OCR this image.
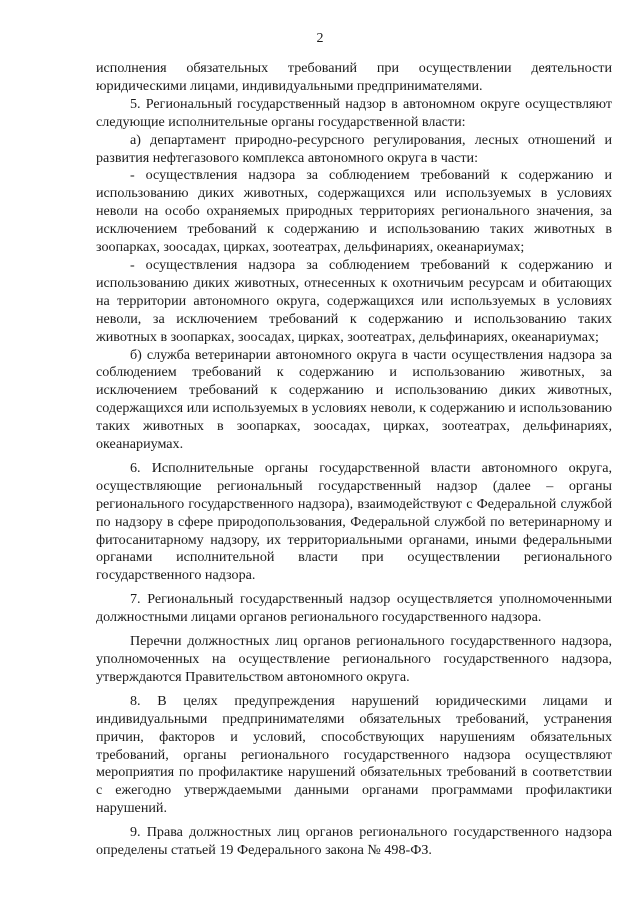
2

исполнения обязательных требований при осуществлении деятельности юридическими лицами, индивидуальными предпринимателями.

5. Региональный государственный надзор в автономном округе осуществляют следующие исполнительные органы государственной власти:

а) департамент природно-ресурсного регулирования, лесных отношений и развития нефтегазового комплекса автономного округа в части:

- осуществления надзора за соблюдением требований к содержанию и использованию диких животных, содержащихся или используемых в условиях неволи на особо охраняемых природных территориях регионального значения, за исключением требований к содержанию и использованию таких животных в зоопарках, зоосадах, цирках, зоотеатрах, дельфинариях, океанариумах;

- осуществления надзора за соблюдением требований к содержанию и использованию диких животных, отнесенных к охотничьим ресурсам и обитающих на территории автономного округа, содержащихся или используемых в условиях неволи, за исключением требований к содержанию и использованию таких животных в зоопарках, зоосадах, цирках, зоотеатрах, дельфинариях, океанариумах;

б) служба ветеринарии автономного округа в части осуществления надзора за соблюдением требований к содержанию и использованию животных, за исключением требований к содержанию и использованию диких животных, содержащихся или используемых в условиях неволи, к содержанию и использованию таких животных в зоопарках, зоосадах, цирках, зоотеатрах, дельфинариях, океанариумах.

6. Исполнительные органы государственной власти автономного округа, осуществляющие региональный государственный надзор (далее – органы регионального государственного надзора), взаимодействуют с Федеральной службой по надзору в сфере природопользования, Федеральной службой по ветеринарному и фитосанитарному надзору, их территориальными органами, иными федеральными органами исполнительной власти при осуществлении регионального государственного надзора.

7. Региональный государственный надзор осуществляется уполномоченными должностными лицами органов регионального государственного надзора.

Перечни должностных лиц органов регионального государственного надзора, уполномоченных на осуществление регионального государственного надзора, утверждаются Правительством автономного округа.

8. В целях предупреждения нарушений юридическими лицами и индивидуальными предпринимателями обязательных требований, устранения причин, факторов и условий, способствующих нарушениям обязательных требований, органы регионального государственного надзора осуществляют мероприятия по профилактике нарушений обязательных требований в соответствии с ежегодно утверждаемыми данными органами программами профилактики нарушений.

9. Права должностных лиц органов регионального государственного надзора определены статьей 19 Федерального закона № 498-ФЗ.
